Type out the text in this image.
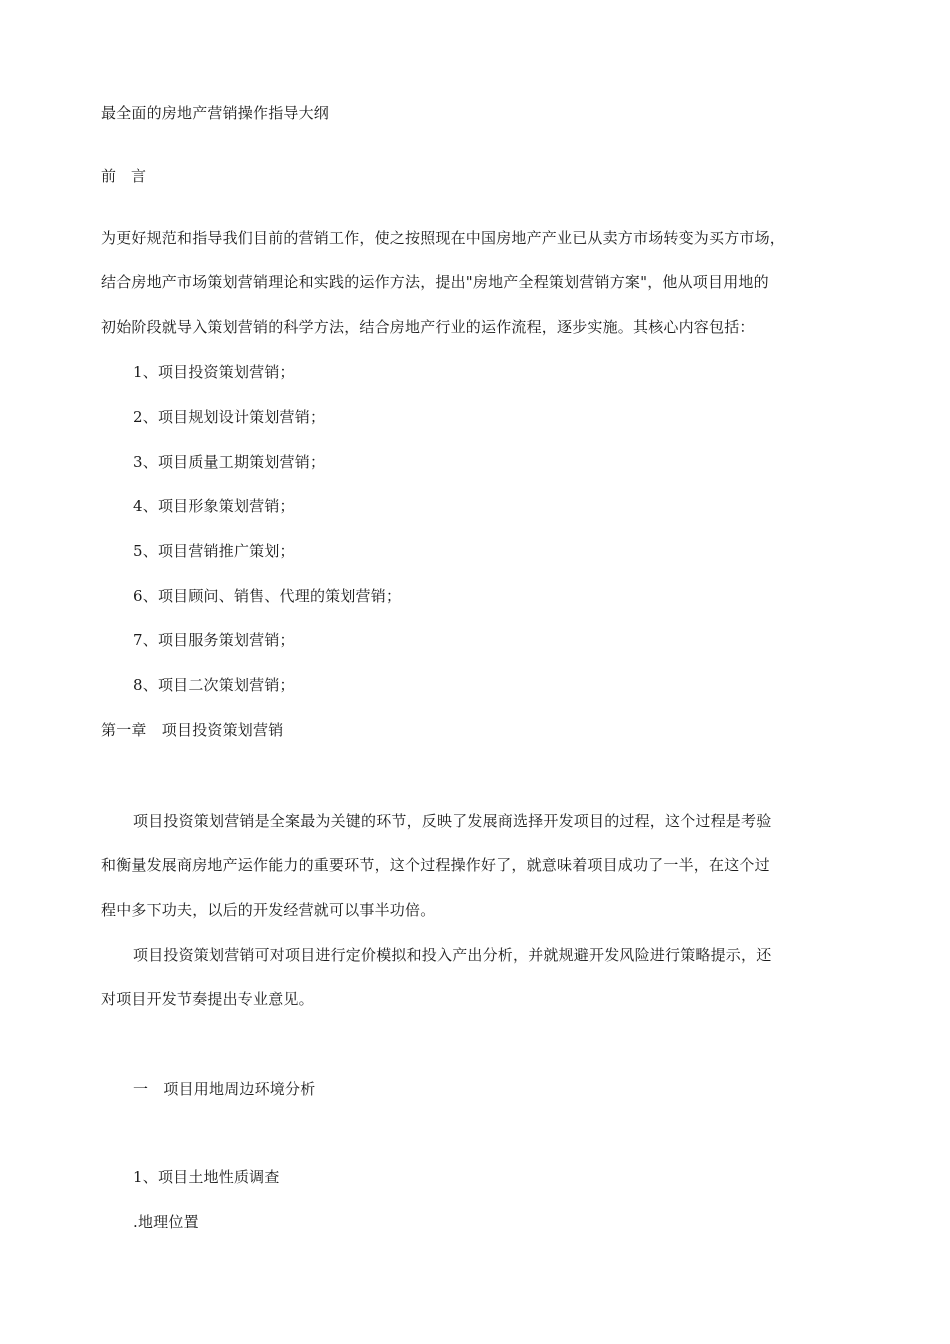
最全面的房地产营销操作指导大纲
前　言
为更好规范和指导我们目前的营销工作，使之按照现在中国房地产产业已从卖方市场转变为买方市场，
结合房地产市场策划营销理论和实践的运作方法，提出"房地产全程策划营销方案"，他从项目用地的
初始阶段就导入策划营销的科学方法，结合房地产行业的运作流程，逐步实施。其核心内容包括：
1、项目投资策划营销；
2、项目规划设计策划营销；
3、项目质量工期策划营销；
4、项目形象策划营销；
5、项目营销推广策划；
6、项目顾问、销售、代理的策划营销；
7、项目服务策划营销；
8、项目二次策划营销；
第一章　项目投资策划营销
项目投资策划营销是全案最为关键的环节，反映了发展商选择开发项目的过程，这个过程是考验
和衡量发展商房地产运作能力的重要环节，这个过程操作好了，就意味着项目成功了一半，在这个过
程中多下功夫，以后的开发经营就可以事半功倍。
项目投资策划营销可对项目进行定价模拟和投入产出分析，并就规避开发风险进行策略提示，还
对项目开发节奏提出专业意见。
一　项目用地周边环境分析
1、项目土地性质调查
.地理位置
